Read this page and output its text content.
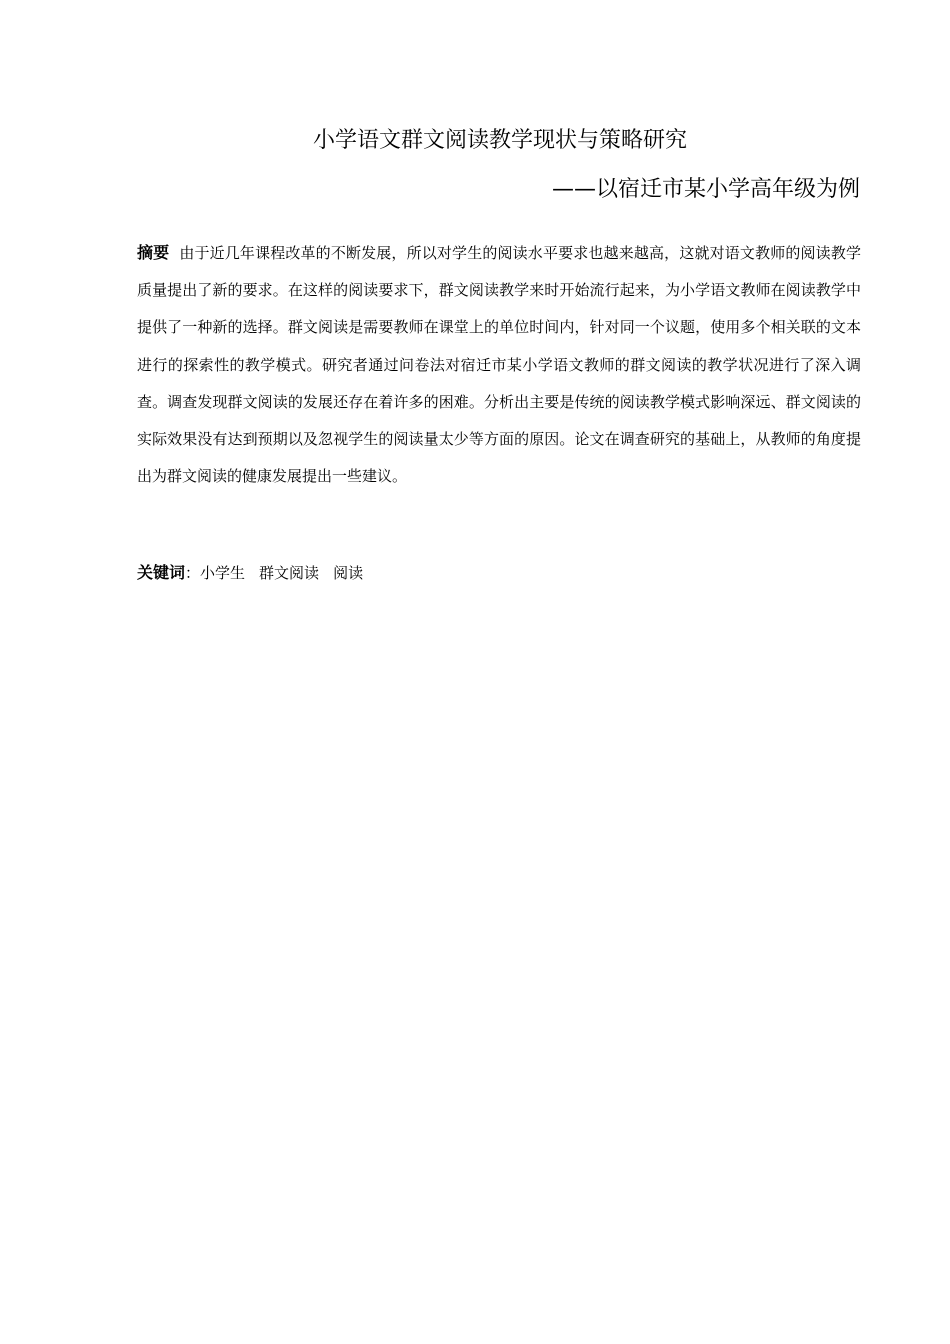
小学语文群文阅读教学现状与策略研究
——以宿迁市某小学高年级为例
摘要 由于近几年课程改革的不断发展，所以对学生的阅读水平要求也越来越高，这就对语文教师的阅读教学质量提出了新的要求。在这样的阅读要求下，群文阅读教学来时开始流行起来，为小学语文教师在阅读教学中提供了一种新的选择。群文阅读是需要教师在课堂上的单位时间内，针对同一个议题，使用多个相关联的文本进行的探索性的教学模式。研究者通过问卷法对宿迁市某小学语文教师的群文阅读的教学状况进行了深入调查。调查发现群文阅读的发展还存在着许多的困难。分析出主要是传统的阅读教学模式影响深远、群文阅读的实际效果没有达到预期以及忽视学生的阅读量太少等方面的原因。论文在调查研究的基础上，从教师的角度提出为群文阅读的健康发展提出一些建议。
关键词：小学生 群文阅读 阅读
